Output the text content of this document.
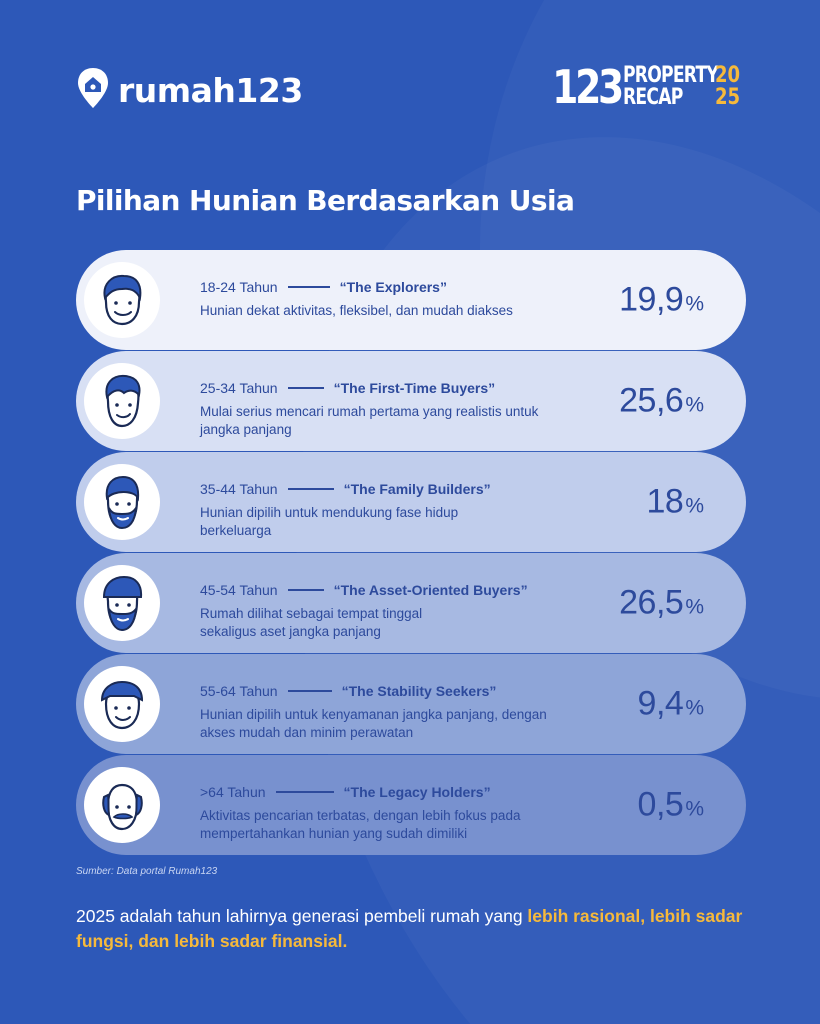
rumah123	123 PROPERTY
20
RECAP	25
Pilihan Hunian Berdasarkan Usia
18-24 Tahun	“The Explorers”
Hunian dekat aktivitas, fleksibel, dan mudah diakses	19,9 %
25-34 Tahun	“The First-Time Buyers”
Mulai serius mencari rumah pertama yang realistis untuk jangka panjang
25,6 %
35-44 Tahun	“The Family Builders”
Hunian dipilih untuk mendukung fase hidup berkeluarga
18 %
45-54 Tahun	“The Asset-Oriented Buyers”
Rumah dilihat sebagai tempat tinggal sekaligus aset jangka panjang
26,5 %
55-64 Tahun	“The Stability Seekers”
Hunian dipilih untuk kenyamanan jangka panjang, dengan akses mudah dan minim perawatan
9,4 %
>64 Tahun	“The Legacy Holders”
Aktivitas pencarian terbatas, dengan lebih fokus pada mempertahankan hunian yang sudah dimiliki
0,5 %
Sumber: Data portal Rumah123

2025 adalah tahun lahirnya generasi pembeli rumah yang lebih rasional, lebih sadar fungsi, dan lebih sadar finansial.
